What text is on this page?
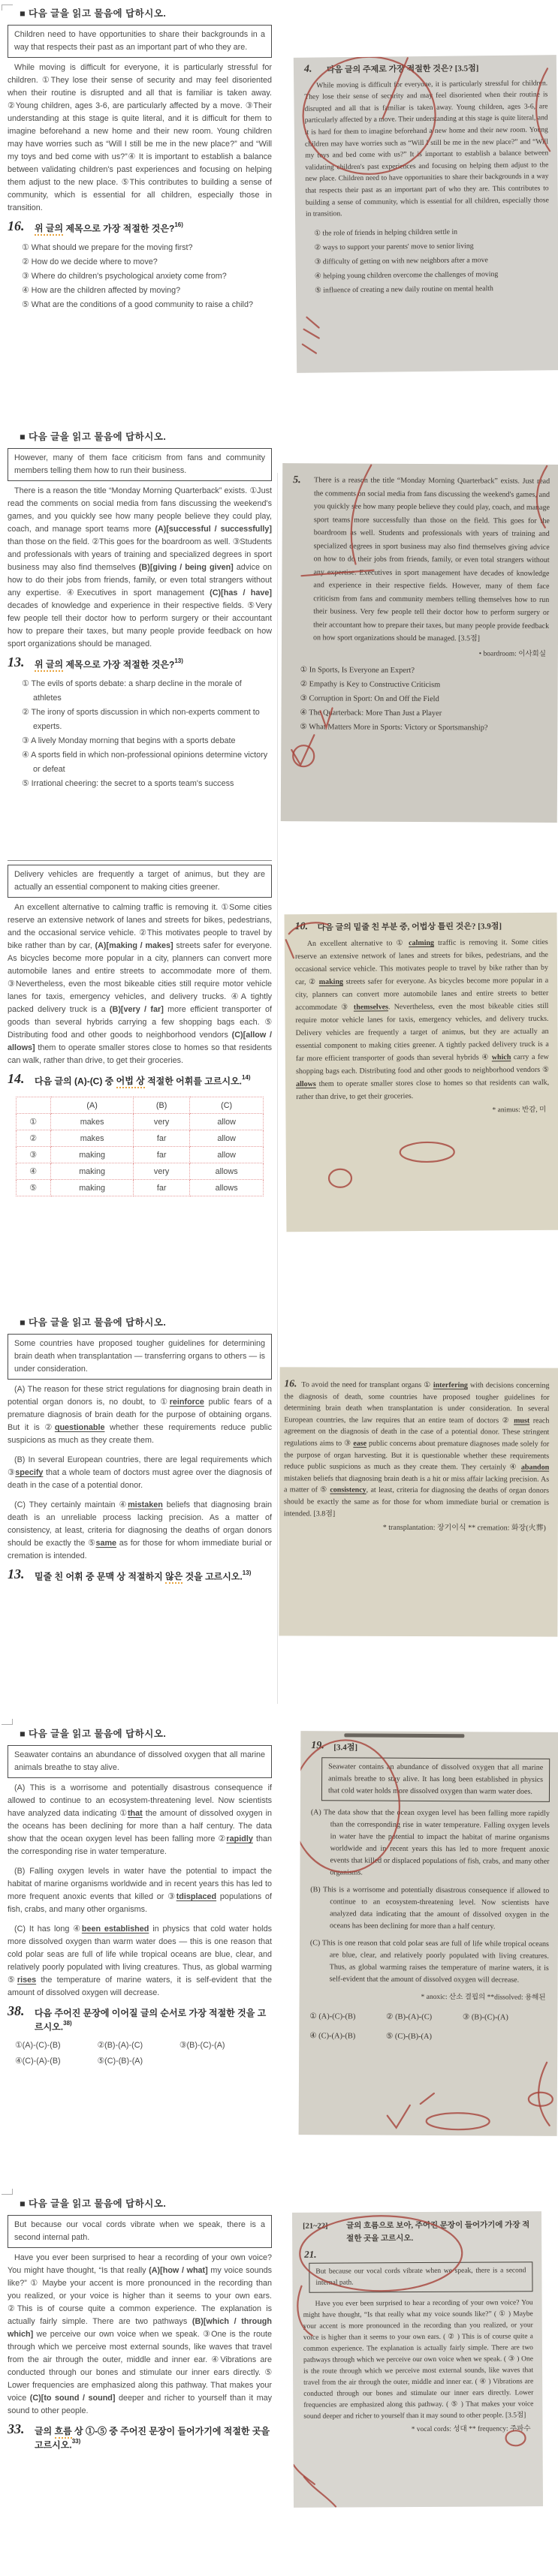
■ 다음 글을 읽고 물음에 답하시오.
Children need to have opportunities to share their backgrounds in a way that respects their past as an important part of who they are.

While moving is difficult for everyone, it is particularly stressful for children. ①They lose their sense of security and may feel disoriented when their routine is disrupted and all that is familiar is taken away. ②Young children, ages 3-6, are particularly affected by a move. ③Their understanding at this stage is quite literal, and it is difficult for them to imagine beforehand a new home and their new room. Young children may have worries such as “Will I still be me in the new place?” and “Will my toys and bed come with us?”④ It is important to establish a balance between validating children's past experiences and focusing on helping them adjust to the new place. ⑤This contributes to building a sense of community, which is essential for all children, especially those in transition.

16. 위 글의 제목으로 가장 적절한 것은?$^{16)}$
① What should we prepare for the moving first?
② How do we decide where to move?
③ Where do children's psychological anxiety come from?
④ How are the children affected by moving?
⑤ What are the conditions of a good community to raise a child?
■ 다음 글을 읽고 물음에 답하시오.
However, many of them face criticism from fans and community members telling them how to run their business.

There is a reason the title “Monday Morning Quarterback” exists. ①Just read the comments on social media from fans discussing the weekend's games, and you quickly see how many people believe they could play, coach, and manage sport teams more (A)[successful / successfully] than those on the field. ②This goes for the boardroom as well. ③Students and professionals with years of training and specialized degrees in sport business may also find themselves (B)[giving / being given] advice on how to do their jobs from friends, family, or even total strangers without any expertise. ④Executives in sport management (C)[has / have] decades of knowledge and experience in their respective fields. ⑤Very few people tell their doctor how to perform surgery or their accountant how to prepare their taxes, but many people provide feedback on how sport organizations should be managed.

13. 위 글의 제목으로 가장 적절한 것은?$^{13)}$
① The evils of sports debate: a sharp decline in the morale of athletes
② The irony of sports discussion in which non-experts comment to experts.
③ A lively Monday morning that begins with a sports debate
④ A sports field in which non-professional opinions determine victory or defeat
⑤ Irrational cheering: the secret to a sports team's success
Delivery vehicles are frequently a target of animus, but they are actually an essential component to making cities greener.

An excellent alternative to calming traffic is removing it. ①Some cities reserve an extensive network of lanes and streets for bikes, pedestrians, and the occasional service vehicle. ②This motivates people to travel by bike rather than by car, (A)[making / makes] streets safer for everyone. As bicycles become more popular in a city, planners can convert more automobile lanes and entire streets to accommodate more of them. ③Nevertheless, even the most bikeable cities still require motor vehicle lanes for taxis, emergency vehicles, and delivery trucks. ④A tightly packed delivery truck is a (B)[very / far] more efficient transporter of goods than several hybrids carrying a few shopping bags each. ⑤ Distributing food and other goods to neighborhood vendors (C)[allow / allows] them to operate smaller stores close to homes so that residents can walk, rather than drive, to get their groceries.

14. 다음 글의 (A)-(C) 중 어법 상 적절한 어휘를 고르시오.$^{14)}$
	(A)	(B)	(C)
①	makes	very	allow
②	makes	far	allow
③	making	far	allow
④	making	very	allows
⑤	making	far	allows
■ 다음 글을 읽고 물음에 답하시오.
Some countries have proposed tougher guidelines for determining brain death when transplantation — transferring organs to others — is under consideration.
(A) The reason for these strict regulations for diagnosing brain death in potential organ donors is, no doubt, to ①reinforce public fears of a premature diagnosis of brain death for the purpose of obtaining organs. But it is ②questionable whether these requirements reduce public suspicions as much as they create them.
(B) In several European countries, there are legal requirements which ③specify that a whole team of doctors must agree over the diagnosis of death in the case of a potential donor.
(C) They certainly maintain ④mistaken beliefs that diagnosing brain death is an unreliable process lacking precision. As a matter of consistency, at least, criteria for diagnosing the deaths of organ donors should be exactly the ⑤same as for those for whom immediate burial or cremation is intended.
13. 밑줄 친 어휘 중 문맥 상 적절하지 않은 것을 고르시오.$^{13)}$
■ 다음 글을 읽고 물음에 답하시오.
Seawater contains an abundance of dissolved oxygen that all marine animals breathe to stay alive.
(A) This is a worrisome and potentially disastrous consequence if allowed to continue to an ecosystem-threatening level. Now scientists have analyzed data indicating ①that the amount of dissolved oxygen in the oceans has been declining for more than a half century. The data show that the ocean oxygen level has been falling more ②rapidly than the corresponding rise in water temperature.
(B) Falling oxygen levels in water have the potential to impact the habitat of marine organisms worldwide and in recent years this has led to more frequent anoxic events that killed or ③tdisplaced populations of fish, crabs, and many other organisms.
(C) It has long ④been established in physics that cold water holds more dissolved oxygen than warm water does — this is one reason that cold polar seas are full of life while tropical oceans are blue, clear, and relatively poorly populated with living creatures. Thus, as global warming ⑤rises the temperature of marine waters, it is self-evident that the amount of dissolved oxygen will decrease.
38. 다음 주어진 문장에 이어질 글의 순서로 가장 적절한 것을 고르시오.$^{38)}$
①(A)-(C)-(B)	②(B)-(A)-(C)	③(B)-(C)-(A)④(C)-(A)-(B)	⑤(C)-(B)-(A)
■ 다음 글을 읽고 물음에 답하시오.
But because our vocal cords vibrate when we speak, there is a second internal path.

Have you ever been surprised to hear a recording of your own voice? You might have thought, “Is that really (A)[how / what] my voice sounds like?” ① Maybe your accent is more pronounced in the recording than you realized, or your voice is higher than it seems to your own ears. ②This is of course quite a common experience. The explanation is actually fairly simple. There are two pathways (B)[which / through which] we perceive our own voice when we speak. ③One is the route through which we perceive most external sounds, like waves that travel from the air through the outer, middle and inner ear. ④Vibrations are conducted through our bones and stimulate our inner ears directly. ⑤ Lower frequencies are emphasized along this pathway. That makes your voice (C)[to sound / sound] deeper and richer to yourself than it may sound to other people.

33. 글의 흐름 상 ①-⑤ 중 주어진 문장이 들어가기에 적절한 곳을 고르시오.$^{33)}$
4. 다음 글의 주제로 가장 적절한 것은? [3.5점]

While moving is difficult for everyone, it is particularly stressful for children. They lose their sense of security and may feel disoriented when their routine is disrupted and all that is familiar is taken away. Young children, ages 3-6, are particularly affected by a move. Their understanding at this stage is quite literal, and it is hard for them to imagine beforehand a new home and their new room. Young children may have worries such as “Will I still be me in the new place?” and “Will my toys and bed come with us?” It is important to establish a balance between validating children's past experiences and focusing on helping them adjust to the new place. Children need to have opportunities to share their backgrounds in a way that respects their past as an important part of who they are. This contributes to building a sense of community, which is essential for all children, especially those in transition.

① the role of friends in helping children settle in
② ways to support your parents' move to senior living
③ difficulty of getting on with new neighbors after a move
④ helping young children overcome the challenges of moving
⑤ influence of creating a new daily routine on mental health
5. There is a reason the title “Monday Morning Quarterback” exists. Just read the comments on social media from fans discussing the weekend's games, and you quickly see how many people believe they could play, coach, and manage sport teams more successfully than those on the field. This goes for the boardroom as well. Students and professionals with years of training and specialized degrees in sport business may also find themselves giving advice on how to do their jobs from friends, family, or even total strangers without any expertise. Executives in sport management have decades of knowledge and experience in their respective fields. However, many of them face criticism from fans and community members telling themselves how to run their business. Very few people tell their doctor how to perform surgery or their accountant how to prepare their taxes, but many people provide feedback on how sport organizations should be managed. [3.5점]

• boardroom: 이사회실
① In Sports, Is Everyone an Expert?
② Empathy is Key to Constructive Criticism
③ Corruption in Sport: On and Off the Field
④ The Quarterback: More Than Just a Player
⑤ What Matters More in Sports: Victory or Sportsmanship?
10. 다음 글의 밑줄 친 부분 중, 어법상 틀린 것은? [3.9점]

An excellent alternative to ① calming traffic is removing it. Some cities reserve an extensive network of lanes and streets for bikes, pedestrians, and the occasional service vehicle. This motivates people to travel by bike rather than by car, ② making streets safer for everyone. As bicycles become more popular in a city, planners can convert more automobile lanes and entire streets to better accommodate ③ themselves. Nevertheless, even the most bikeable cities still require motor vehicle lanes for taxis, emergency vehicles, and delivery trucks. Delivery vehicles are frequently a target of animus, but they are actually an essential component to making cities greener. A tightly packed delivery truck is a far more efficient transporter of goods than several hybrids ④ which carry a few shopping bags each. Distributing food and other goods to neighborhood vendors ⑤ allows them to operate smaller stores close to homes so that residents can walk, rather than drive, to get their groceries.

* animus: 반감, 미

16. To avoid the need for transplant organs ① interfering with decisions concerning the diagnosis of death, some countries have proposed tougher guidelines for determining brain death when transplantation is under consideration. In several European countries, the law requires that an entire team of doctors ② must reach agreement on the diagnosis of death in the case of a potential donor. These stringent regulations aims to ③ ease public concerns about premature diagnoses made solely for the purpose of organ harvesting. But it is questionable whether these requirements reduce public suspicions as much as they create them. They certainly ④ abandon mistaken beliefs that diagnosing brain death is a hit or miss affair lacking precision. As a matter of ⑤ consistency, at least, criteria for diagnosing the deaths of organ donors should be exactly the same as for those for whom immediate burial or cremation is intended. [3.8점]

* transplantation: 장기이식 ** cremation: 화장(火葬)
19. [3.4점]
Seawater contains an abundance of dissolved oxygen that all marine animals breathe to stay alive. It has long been established in physics that cold water holds more dissolved oxygen than warm water does.
(A) The data show that the ocean oxygen level has been falling more rapidly than the corresponding rise in water temperature. Falling oxygen levels in water have the potential to impact the habitat of marine organisms worldwide and in recent years this has led to more frequent anoxic events that killed or displaced populations of fish, crabs, and many other organisms.
(B) This is a worrisome and potentially disastrous consequence if allowed to continue to an ecosystem-threatening level. Now scientists have analyzed data indicating that the amount of dissolved oxygen in the oceans has been declining for more than a half century.
(C) This is one reason that cold polar seas are full of life while tropical oceans are blue, clear, and relatively poorly populated with living creatures. Thus, as global warming raises the temperature of marine waters, it is self-evident that the amount of dissolved oxygen will decrease.
* anoxic: 산소 결핍의 **dissolved: 용해된
① (A)-(C)-(B)	② (B)-(A)-(C)	③ (B)-(C)-(A)④ (C)-(A)-(B)	⑤ (C)-(B)-(A)
[21~22] 글의 흐름으로 보아, 주어진 문장이 들어가기에 가장 적절한 곳을 고르시오.
21.
But because our vocal cords vibrate when we speak, there is a second internal path.

Have you ever been surprised to hear a recording of your own voice? You might have thought, “Is that really what my voice sounds like?” ( ① ) Maybe your accent is more pronounced in the recording than you realized, or your voice is higher than it seems to your own ears. ( ② ) This is of course quite a common experience. The explanation is actually fairly simple. There are two pathways through which we perceive our own voice when we speak. ( ③ ) One is the route through which we perceive most external sounds, like waves that travel from the air through the outer, middle and inner ear. ( ④ ) Vibrations are conducted through our bones and stimulate our inner ears directly. Lower frequencies are emphasized along this pathway. ( ⑤ ) That makes your voice sound deeper and richer to yourself than it may sound to other people. [3.5점]

* vocal cords: 성대 ** frequency: 주파수
